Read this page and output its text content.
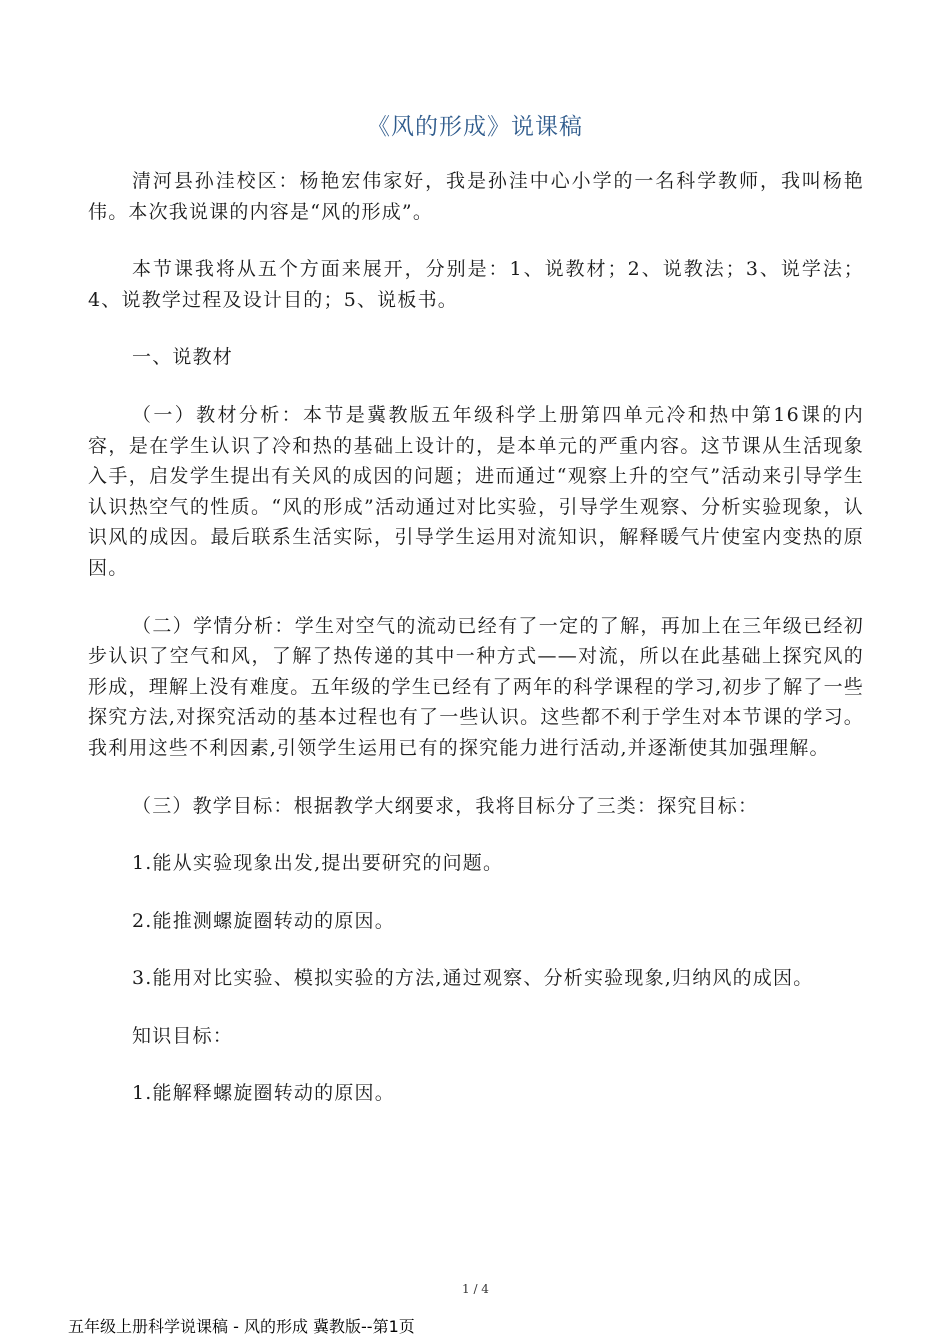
《风的形成》说课稿

清河县孙洼校区：杨艳宏伟家好，我是孙洼中心小学的一名科学教师，我叫杨艳伟。本次我说课的内容是“风的形成”。

本节课我将从五个方面来展开，分别是：1、说教材；2、说教法；3、说学法；4、说教学过程及设计目的；5、说板书。

一、说教材

（一）教材分析：本节是冀教版五年级科学上册第四单元冷和热中第16课的内容，是在学生认识了冷和热的基础上设计的，是本单元的严重内容。这节课从生活现象入手，启发学生提出有关风的成因的问题；进而通过“观察上升的空气”活动来引导学生认识热空气的性质。“风的形成”活动通过对比实验，引导学生观察、分析实验现象，认识风的成因。最后联系生活实际，引导学生运用对流知识，解释暖气片使室内变热的原因。

（二）学情分析：学生对空气的流动已经有了一定的了解，再加上在三年级已经初步认识了空气和风，了解了热传递的其中一种方式——对流，所以在此基础上探究风的形成，理解上没有难度。五年级的学生已经有了两年的科学课程的学习,初步了解了一些探究方法,对探究活动的基本过程也有了一些认识。这些都不利于学生对本节课的学习。我利用这些不利因素,引领学生运用已有的探究能力进行活动,并逐渐使其加强理解。

（三）教学目标：根据教学大纲要求，我将目标分了三类：探究目标：

1.能从实验现象出发,提出要研究的问题。

2.能推测螺旋圈转动的原因。

3.能用对比实验、模拟实验的方法,通过观察、分析实验现象,归纳风的成因。

知识目标：

1.能解释螺旋圈转动的原因。

1 / 4
五年级上册科学说课稿 - 风的形成 冀教版--第1页
